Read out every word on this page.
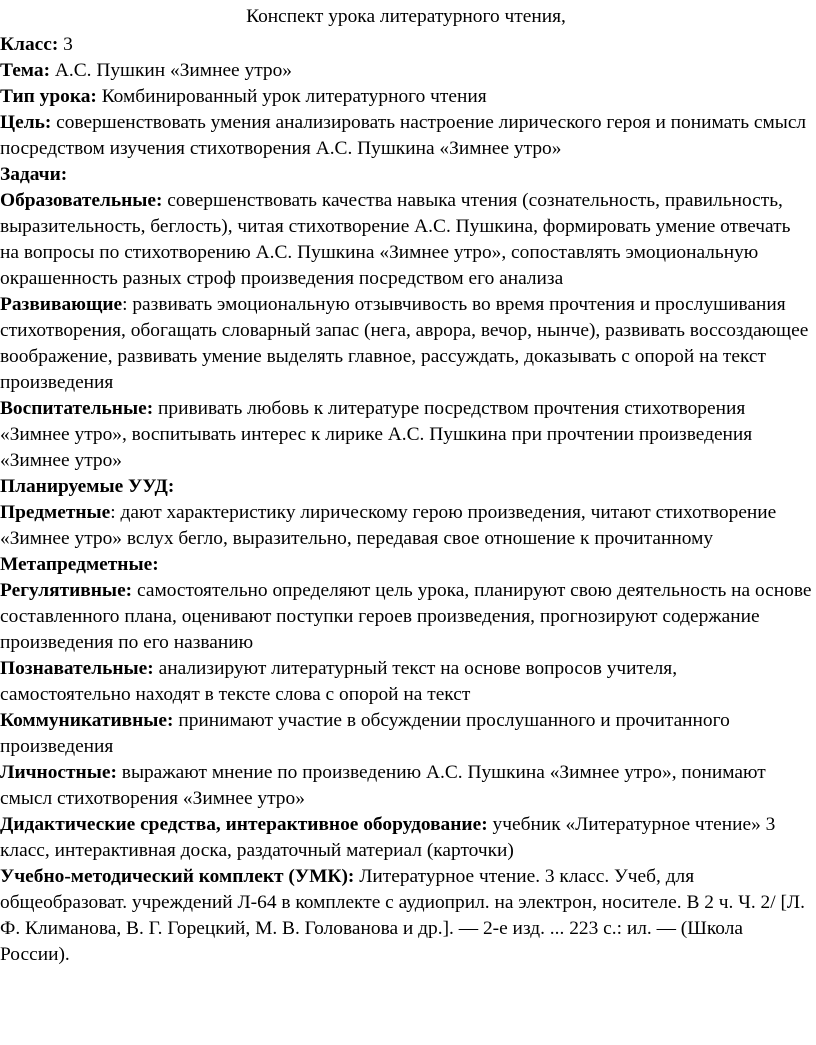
Конспект урока литературного чтения,

Класс: 3

Тема: А.С. Пушкин «Зимнее утро»

Тип урока: Комбинированный урок литературного чтения

Цель: совершенствовать умения анализировать настроение лирического героя и понимать смысл посредством изучения стихотворения А.С. Пушкина «Зимнее утро»

Задачи:

Образовательные: совершенствовать качества навыка чтения (сознательность, правильность, выразительность, беглость), читая стихотворение А.С. Пушкина, формировать умение отвечать на вопросы по стихотворению А.С. Пушкина «Зимнее утро», сопоставлять эмоциональную окрашенность разных строф произведения посредством его анализа

Развивающие: развивать эмоциональную отзывчивость во время прочтения и прослушивания стихотворения, обогащать словарный запас (нега, аврора, вечор, нынче), развивать воссоздающее воображение, развивать умение выделять главное, рассуждать, доказывать с опорой на текст произведения

Воспитательные: прививать любовь к литературе посредством прочтения стихотворения «Зимнее утро», воспитывать интерес к лирике А.С. Пушкина при прочтении произведения «Зимнее утро»

Планируемые УУД:

Предметные: дают характеристику лирическому герою произведения, читают стихотворение «Зимнее утро» вслух бегло, выразительно, передавая свое отношение к прочитанному

Метапредметные:

Регулятивные: самостоятельно определяют цель урока, планируют свою деятельность на основе составленного плана, оценивают поступки героев произведения, прогнозируют содержание произведения по его названию

Познавательные: анализируют литературный текст на основе вопросов учителя, самостоятельно находят в тексте слова с опорой на текст

Коммуникативные: принимают участие в обсуждении прослушанного и прочитанного произведения

Личностные: выражают мнение по произведению А.С. Пушкина «Зимнее утро», понимают смысл стихотворения «Зимнее утро»

Дидактические средства, интерактивное оборудование: учебник «Литературное чтение» 3 класс, интерактивная доска, раздаточный материал (карточки)

Учебно-методический комплект (УМК): Литературное чтение. 3 класс. Учеб, для общеобразоват. учреждений Л-64 в комплекте с аудиоприл. на электрон, носителе. В 2 ч. Ч. 2/ [Л. Ф. Климанова, В. Г. Горецкий, М. В. Голованова и др.]. — 2-е изд. ... 223 с.: ил. — (Школа России).
